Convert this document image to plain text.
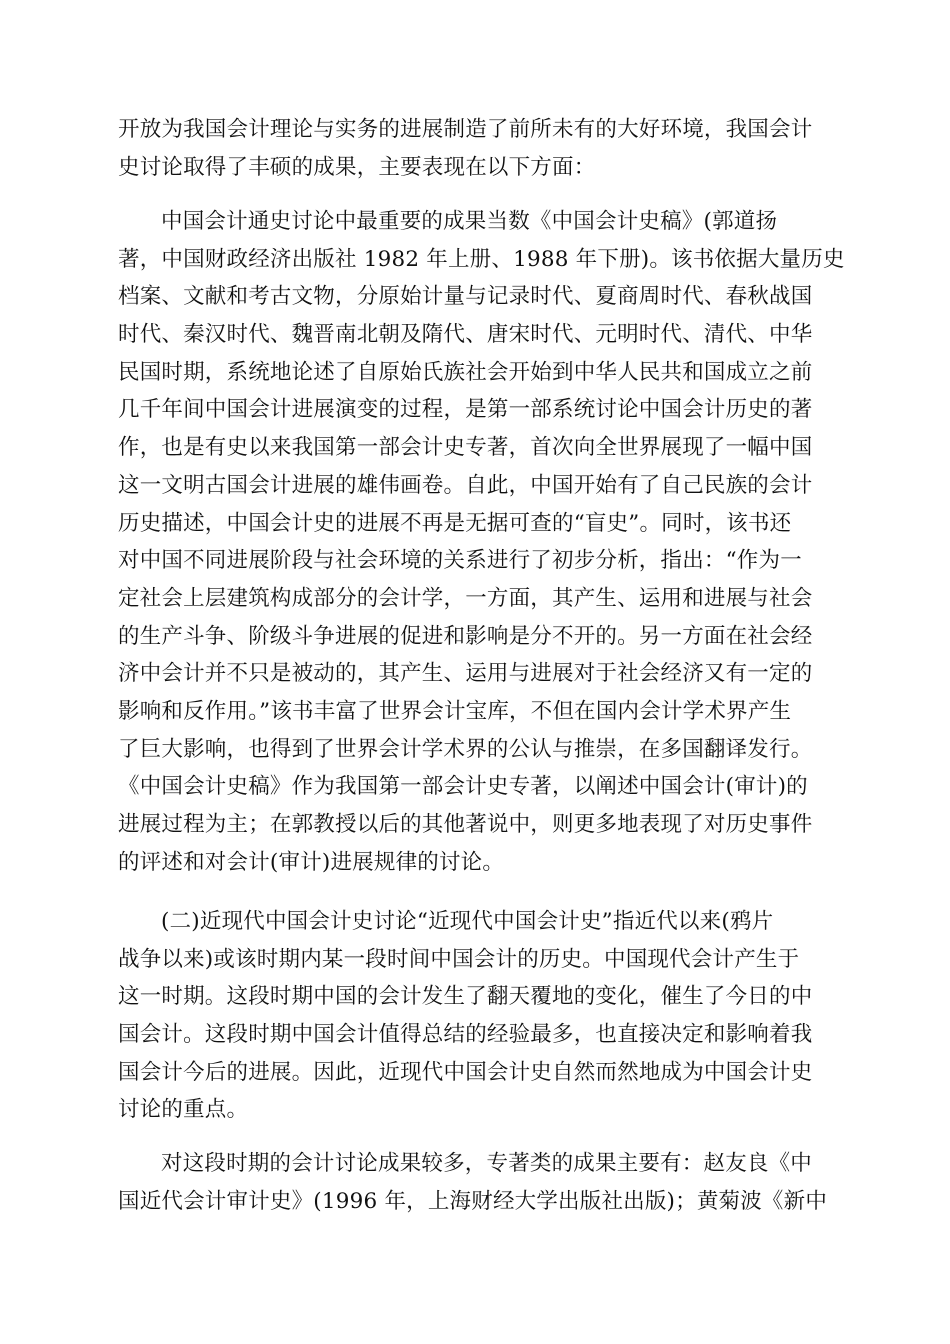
开放为我国会计理论与实务的进展制造了前所未有的大好环境，我国会计
史讨论取得了丰硕的成果，主要表现在以下方面：
中国会计通史讨论中最重要的成果当数《中国会计史稿》(郭道扬
著，中国财政经济出版社 1982 年上册、1988 年下册)。该书依据大量历史
档案、文献和考古文物，分原始计量与记录时代、夏商周时代、春秋战国
时代、秦汉时代、魏晋南北朝及隋代、唐宋时代、元明时代、清代、中华
民国时期，系统地论述了自原始氏族社会开始到中华人民共和国成立之前
几千年间中国会计进展演变的过程，是第一部系统讨论中国会计历史的著
作，也是有史以来我国第一部会计史专著，首次向全世界展现了一幅中国
这一文明古国会计进展的雄伟画卷。自此，中国开始有了自己民族的会计
历史描述，中国会计史的进展不再是无据可查的“盲史”。同时，该书还
对中国不同进展阶段与社会环境的关系进行了初步分析，指出：“作为一
定社会上层建筑构成部分的会计学，一方面，其产生、运用和进展与社会
的生产斗争、阶级斗争进展的促进和影响是分不开的。另一方面在社会经
济中会计并不只是被动的，其产生、运用与进展对于社会经济又有一定的
影响和反作用。”该书丰富了世界会计宝库，不但在国内会计学术界产生
了巨大影响，也得到了世界会计学术界的公认与推崇，在多国翻译发行。
《中国会计史稿》作为我国第一部会计史专著，以阐述中国会计(审计)的
进展过程为主；在郭教授以后的其他著说中，则更多地表现了对历史事件
的评述和对会计(审计)进展规律的讨论。
(二)近现代中国会计史讨论“近现代中国会计史”指近代以来(鸦片
战争以来)或该时期内某一段时间中国会计的历史。中国现代会计产生于
这一时期。这段时期中国的会计发生了翻天覆地的变化，催生了今日的中
国会计。这段时期中国会计值得总结的经验最多，也直接决定和影响着我
国会计今后的进展。因此，近现代中国会计史自然而然地成为中国会计史
讨论的重点。
对这段时期的会计讨论成果较多，专著类的成果主要有：赵友良《中
国近代会计审计史》(1996 年，上海财经大学出版社出版)；黄菊波《新中
